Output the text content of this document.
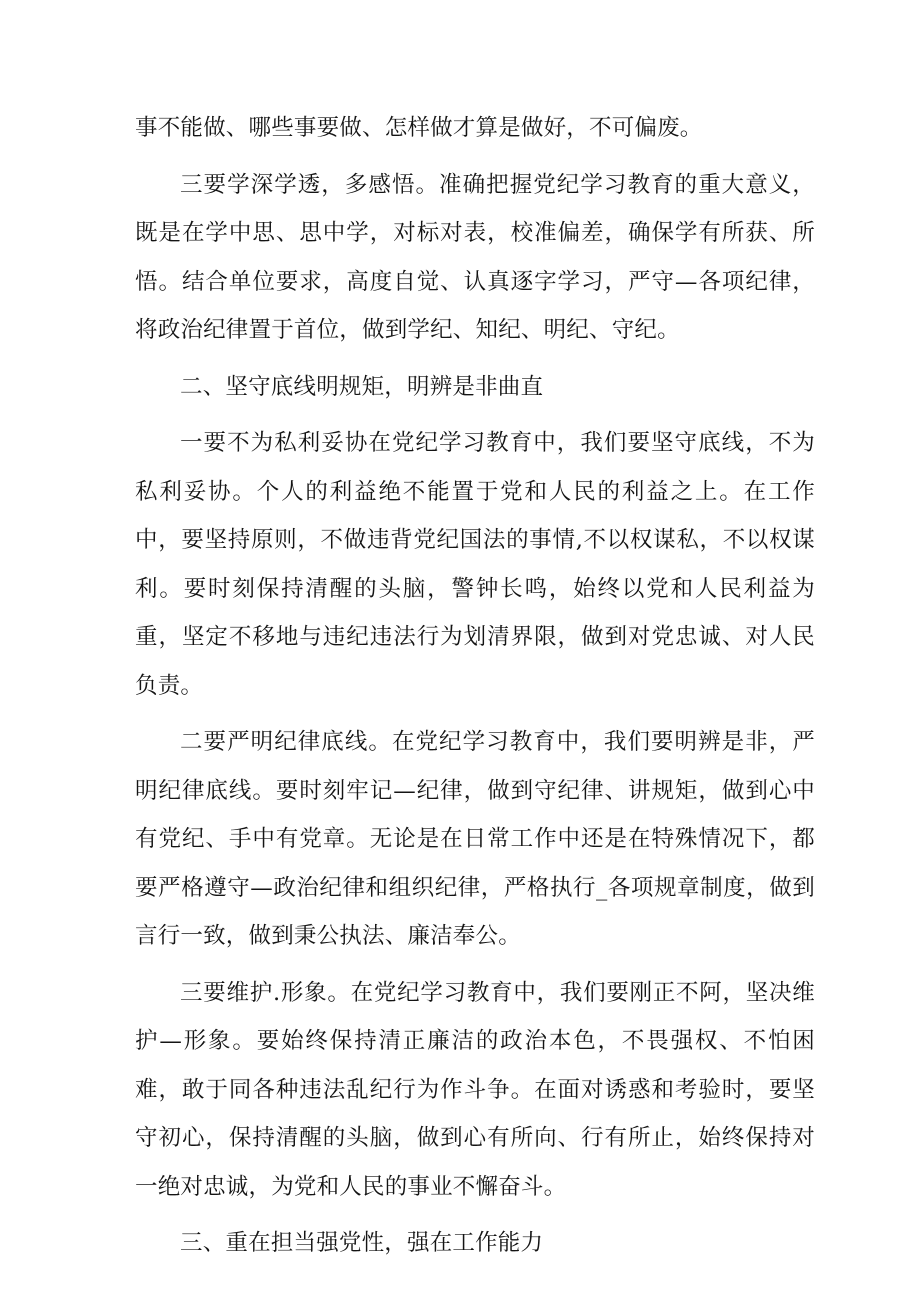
事不能做、哪些事要做、怎样做才算是做好，不可偏废。

三要学深学透，多感悟。准确把握党纪学习教育的重大意义，既是在学中思、思中学，对标对表，校准偏差，确保学有所获、所悟。结合单位要求，高度自觉、认真逐字学习，严守—各项纪律，将政治纪律置于首位，做到学纪、知纪、明纪、守纪。

二、坚守底线明规矩，明辨是非曲直

一要不为私利妥协在党纪学习教育中，我们要坚守底线，不为私利妥协。个人的利益绝不能置于党和人民的利益之上。在工作中，要坚持原则，不做违背党纪国法的事情,不以权谋私，不以权谋利。要时刻保持清醒的头脑，警钟长鸣，始终以党和人民利益为重，坚定不移地与违纪违法行为划清界限，做到对党忠诚、对人民负责。

二要严明纪律底线。在党纪学习教育中，我们要明辨是非，严明纪律底线。要时刻牢记—纪律，做到守纪律、讲规矩，做到心中有党纪、手中有党章。无论是在日常工作中还是在特殊情况下，都要严格遵守—政治纪律和组织纪律，严格执行_各项规章制度，做到言行一致，做到秉公执法、廉洁奉公。

三要维护.形象。在党纪学习教育中，我们要刚正不阿，坚决维护—形象。要始终保持清正廉洁的政治本色，不畏强权、不怕困难，敢于同各种违法乱纪行为作斗争。在面对诱惑和考验时，要坚守初心，保持清醒的头脑，做到心有所向、行有所止，始终保持对一绝对忠诚，为党和人民的事业不懈奋斗。

三、重在担当强党性，强在工作能力
